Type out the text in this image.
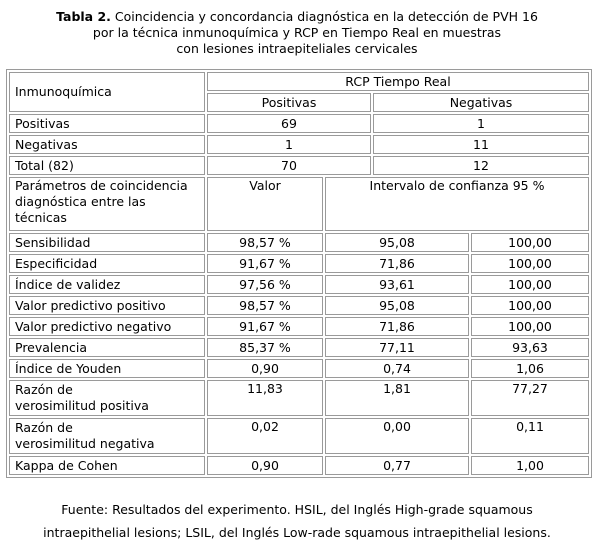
Tabla 2. Coincidencia y concordancia diagnóstica en la detección de PVH 16
por la técnica inmunoquímica y RCP en Tiempo Real en muestras
con lesiones intraepiteliales cervicales
Inmunoquímica	RCP Tiempo Real			
	Positivas		Negativas	
Positivas	69		1	
Negativas	1		11	
Total (82)	70		12	

Parámetros de coincidencia
diagnóstica entre las
técnicas	Valor	Intervalo de confianza 95 %		
Sensibilidad	98,57 %	95,08		100,00
Especificidad	91,67 %	71,86		100,00
Índice de validez	97,56 %	93,61		100,00
Valor predictivo positivo	98,57 %	95,08		100,00
Valor predictivo negativo	91,67 %	71,86		100,00
Prevalencia	85,37 %	77,11		93,63
Índice de Youden	0,90	0,74		1,06

Razón de
verosimilitud positiva	11,83	1,81		77,27

Razón de
verosimilitud negativa	0,02	0,00		0,11
Kappa de Cohen	0,90	0,77		1,00
Fuente: Resultados del experimento. HSIL, del Inglés High-grade squamous
intraepithelial lesions; LSIL, del Inglés Low-rade squamous intraepithelial lesions.
